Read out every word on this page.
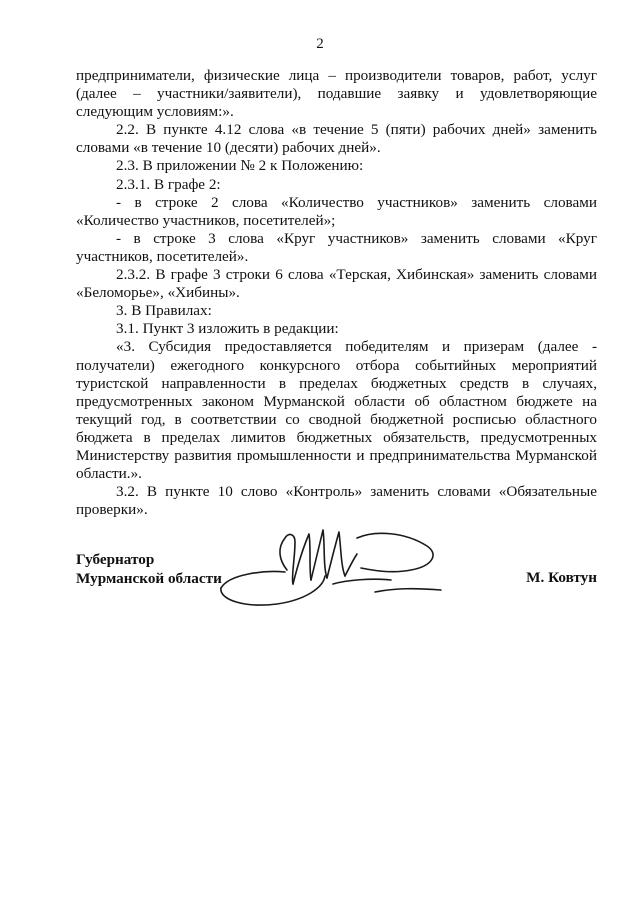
2

предприниматели, физические лица – производители товаров, работ, услуг (далее – участники/заявители), подавшие заявку и удовлетворяющие следующим условиям:».

2.2. В пункте 4.12 слова «в течение 5 (пяти) рабочих дней» заменить словами «в течение 10 (десяти) рабочих дней».

2.3. В приложении № 2 к Положению:

2.3.1. В графе 2:

- в строке 2 слова «Количество участников» заменить словами «Количество участников, посетителей»;

- в строке 3 слова «Круг участников» заменить словами «Круг участников, посетителей».

2.3.2. В графе 3 строки 6 слова «Терская, Хибинская» заменить словами «Беломорье», «Хибины».

3. В Правилах:

3.1. Пункт 3 изложить в редакции:

«3. Субсидия предоставляется победителям и призерам (далее - получатели) ежегодного конкурсного отбора событийных мероприятий туристской направленности в пределах бюджетных средств в случаях, предусмотренных законом Мурманской области об областном бюджете на текущий год, в соответствии со сводной бюджетной росписью областного бюджета в пределах лимитов бюджетных обязательств, предусмотренных Министерству развития промышленности и предпринимательства Мурманской области.».

3.2. В пункте 10 слово «Контроль» заменить словами «Обязательные проверки».

Губернатор
Мурманской области	М. Ковтун
